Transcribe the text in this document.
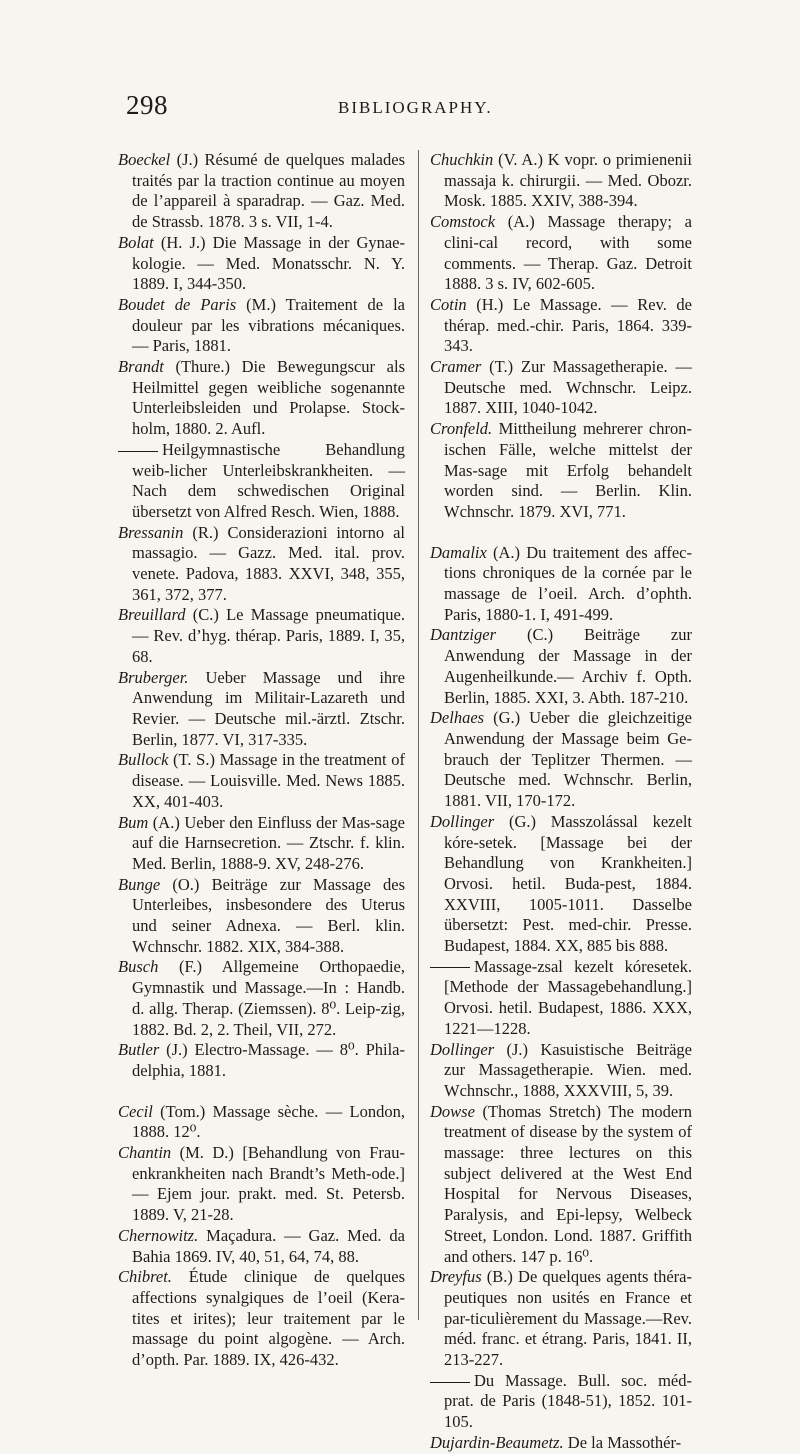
298	BIBLIOGRAPHY.

Boeckel (J.) Résumé de quelques malades traités par la traction continue au moyen de l’appareil à sparadrap. — Gaz. Med. de Strassb. 1878. 3 s. VII, 1-4.

Bolat (H. J.) Die Massage in der Gynae-kologie. — Med. Monatsschr. N. Y. 1889. I, 344-350.

Boudet de Paris (M.) Traitement de la douleur par les vibrations mécaniques. — Paris, 1881.

Brandt (Thure.) Die Bewegungscur als Heilmittel gegen weibliche sogenannte Unterleibsleiden und Prolapse. Stock-holm, 1880. 2. Aufl.

Heilgymnastische Behandlung weib-licher Unterleibskrankheiten. — Nach dem schwedischen Original übersetzt von Alfred Resch. Wien, 1888.

Bressanin (R.) Considerazioni intorno al massagio. — Gazz. Med. ital. prov. venete. Padova, 1883. XXVI, 348, 355, 361, 372, 377.

Breuillard (C.) Le Massage pneumatique. — Rev. d’hyg. thérap. Paris, 1889. I, 35, 68.

Bruberger. Ueber Massage und ihre Anwendung im Militair-Lazareth und Revier. — Deutsche mil.-ärztl. Ztschr. Berlin, 1877. VI, 317-335.

Bullock (T. S.) Massage in the treatment of disease. — Louisville. Med. News 1885. XX, 401-403.

Bum (A.) Ueber den Einfluss der Mas-sage auf die Harnsecretion. — Ztschr. f. klin. Med. Berlin, 1888-9. XV, 248-276.

Bunge (O.) Beiträge zur Massage des Unterleibes, insbesondere des Uterus und seiner Adnexa. — Berl. klin. Wchnschr. 1882. XIX, 384-388.

Busch (F.) Allgemeine Orthopaedie, Gymnastik und Massage.—In : Handb. d. allg. Therap. (Ziemssen). 8⁰. Leip-zig, 1882. Bd. 2, 2. Theil, VII, 272.

Butler (J.) Electro-Massage. — 8⁰. Phila-delphia, 1881.

Cecil (Tom.) Massage sèche. — London, 1888. 12⁰.

Chantin (M. D.) [Behandlung von Frau-enkrankheiten nach Brandt’s Meth-ode.] — Ejem jour. prakt. med. St. Petersb. 1889. V, 21-28.

Chernowitz. Maçadura. — Gaz. Med. da Bahia 1869. IV, 40, 51, 64, 74, 88.

Chibret. Étude clinique de quelques affections synalgiques de l’oeil (Kera-tites et irites); leur traitement par le massage du point algogène. — Arch. d’opth. Par. 1889. IX, 426-432.

Chuchkin (V. A.) K vopr. o primienenii massaja k. chirurgii. — Med. Obozr. Mosk. 1885. XXIV, 388-394.

Comstock (A.) Massage therapy; a clini-cal record, with some comments. — Therap. Gaz. Detroit 1888. 3 s. IV, 602-605.

Cotin (H.) Le Massage. — Rev. de thérap. med.-chir. Paris, 1864. 339-343.

Cramer (T.) Zur Massagetherapie. — Deutsche med. Wchnschr. Leipz. 1887. XIII, 1040-1042.

Cronfeld. Mittheilung mehrerer chron-ischen Fälle, welche mittelst der Mas-sage mit Erfolg behandelt worden sind. — Berlin. Klin. Wchnschr. 1879. XVI, 771.

Damalix (A.) Du traitement des affec-tions chroniques de la cornée par le massage de l’oeil. Arch. d’ophth. Paris, 1880-1. I, 491-499.

Dantziger (C.) Beiträge zur Anwendung der Massage in der Augenheilkunde.— Archiv f. Opth. Berlin, 1885. XXI, 3. Abth. 187-210.

Delhaes (G.) Ueber die gleichzeitige Anwendung der Massage beim Ge-brauch der Teplitzer Thermen. — Deutsche med. Wchnschr. Berlin, 1881. VII, 170-172.

Dollinger (G.) Masszolással kezelt kóre-setek. [Massage bei der Behandlung von Krankheiten.] Orvosi. hetil. Buda-pest, 1884. XXVIII, 1005-1011. Dasselbe übersetzt: Pest. med-chir. Presse. Budapest, 1884. XX, 885 bis 888.

Massage-zsal kezelt kóresetek. [Methode der Massagebehandlung.] Orvosi. hetil. Budapest, 1886. XXX, 1221—1228.

Dollinger (J.) Kasuistische Beiträge zur Massagetherapie. Wien. med. Wchnschr., 1888, XXXVIII, 5, 39.

Dowse (Thomas Stretch) The modern treatment of disease by the system of massage: three lectures on this subject delivered at the West End Hospital for Nervous Diseases, Paralysis, and Epi-lepsy, Welbeck Street, London. Lond. 1887. Griffith and others. 147 p. 16⁰.

Dreyfus (B.) De quelques agents théra-peutiques non usités en France et par-ticulièrement du Massage.—Rev. méd. franc. et étrang. Paris, 1841. II, 213-227.

Du Massage. Bull. soc. méd-prat. de Paris (1848-51), 1852. 101-105.

Dujardin-Beaumetz. De la Massothér-
